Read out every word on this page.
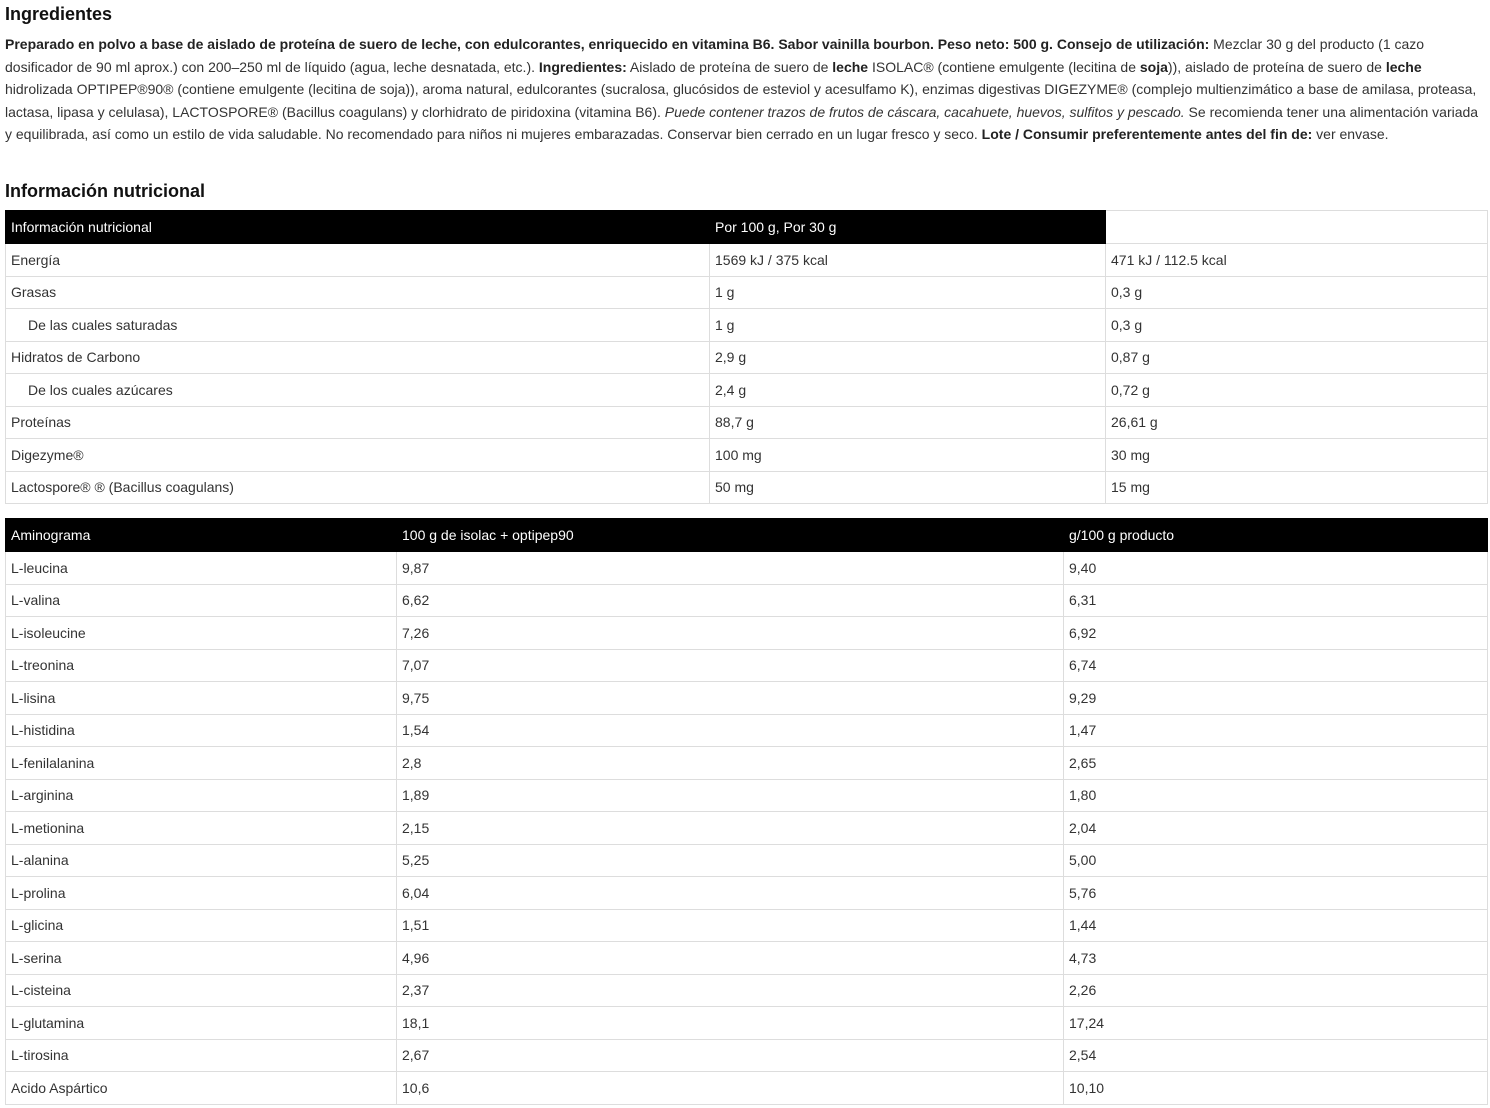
Ingredientes

Preparado en polvo a base de aislado de proteína de suero de leche, con edulcorantes, enriquecido en vitamina B6. Sabor vainilla bourbon. Peso neto: 500 g. Consejo de utilización: Mezclar 30 g del producto (1 cazo dosificador de 90 ml aprox.) con 200–250 ml de líquido (agua, leche desnatada, etc.). Ingredientes: Aislado de proteína de suero de leche ISOLAC® (contiene emulgente (lecitina de soja)), aislado de proteína de suero de leche hidrolizada OPTIPEP®90® (contiene emulgente (lecitina de soja)), aroma natural, edulcorantes (sucralosa, glucósidos de esteviol y acesulfamo K), enzimas digestivas DIGEZYME® (complejo multienzimático a base de amilasa, proteasa, lactasa, lipasa y celulasa), LACTOSPORE® (Bacillus coagulans) y clorhidrato de piridoxina (vitamina B6). Puede contener trazos de frutos de cáscara, cacahuete, huevos, sulfitos y pescado. Se recomienda tener una alimentación variada y equilibrada, así como un estilo de vida saludable. No recomendado para niños ni mujeres embarazadas. Conservar bien cerrado en un lugar fresco y seco. Lote / Consumir preferentemente antes del fin de: ver envase.

Información nutricional
Información nutricional	Por 100 g, Por 30 g	
Energía	1569 kJ / 375 kcal	471 kJ / 112.5 kcal
Grasas	1 g	0,3 g
De las cuales saturadas	1 g	0,3 g
Hidratos de Carbono	2,9 g	0,87 g
De los cuales azúcares	2,4 g	0,72 g
Proteínas	88,7 g	26,61 g
Digezyme®	100 mg	30 mg
Lactospore® ® (Bacillus coagulans)	50 mg	15 mg
Aminograma	100 g de isolac + optipep90	g/100 g producto
L-leucina	9,87	9,40
L-valina	6,62	6,31
L-isoleucine	7,26	6,92
L-treonina	7,07	6,74
L-lisina	9,75	9,29
L-histidina	1,54	1,47
L-fenilalanina	2,8	2,65
L-arginina	1,89	1,80
L-metionina	2,15	2,04
L-alanina	5,25	5,00
L-prolina	6,04	5,76
L-glicina	1,51	1,44
L-serina	4,96	4,73
L-cisteina	2,37	2,26
L-glutamina	18,1	17,24
L-tirosina	2,67	2,54
Acido Aspártico	10,6	10,10
